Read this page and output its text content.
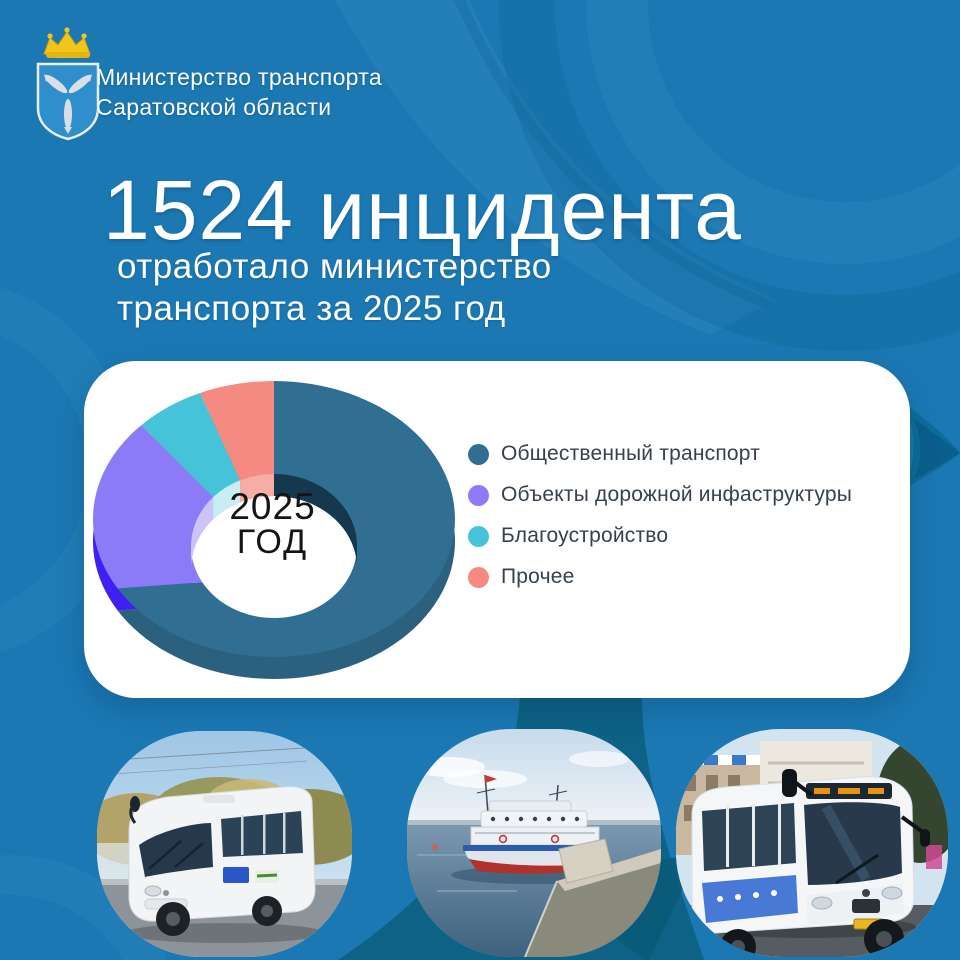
Министерство транспорта
Саратовской области
1524 инцидента
отработало министерство
транспорта за 2025 год
2025
ГОД
Общественный транспорт
Объекты дорожной инфаструктуры
Благоустройство
Прочее
